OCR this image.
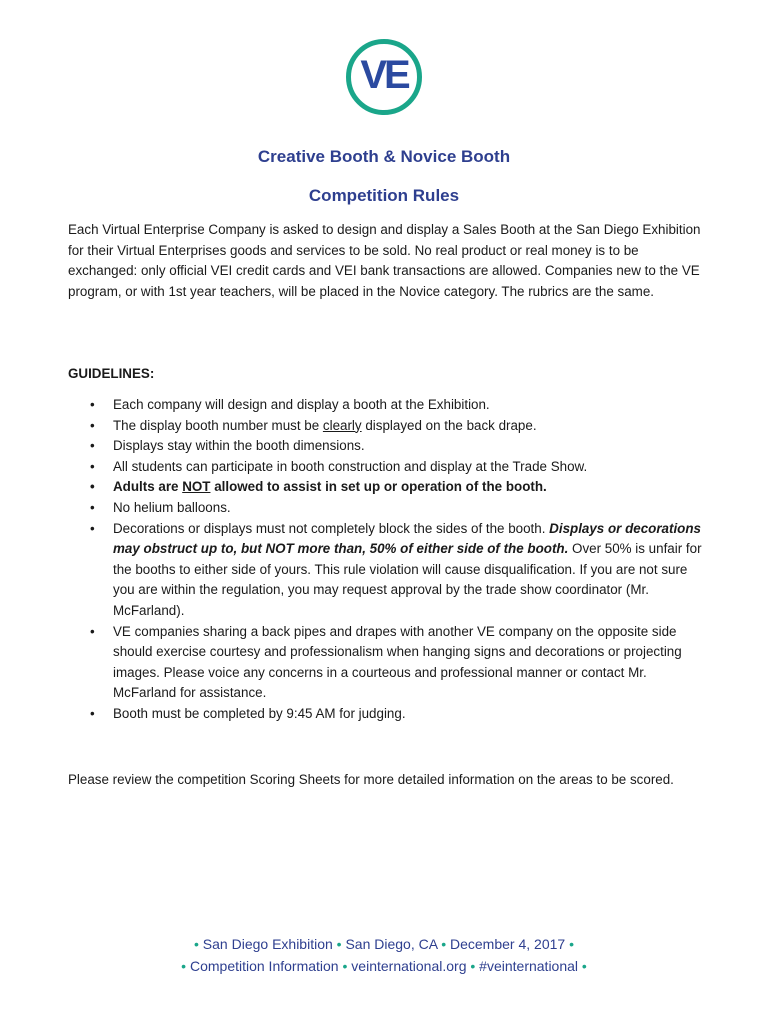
VE
Creative Booth & Novice Booth
Competition Rules
Each Virtual Enterprise Company is asked to design and display a Sales Booth at the San Diego Exhibition for their Virtual Enterprises goods and services to be sold. No real product or real money is to be exchanged: only official VEI credit cards and VEI bank transactions are allowed. Companies new to the VE program, or with 1st year teachers, will be placed in the Novice category. The rubrics are the same.
GUIDELINES:
• Each company will design and display a booth at the Exhibition.
• The display booth number must be clearly displayed on the back drape.
• Displays stay within the booth dimensions.
• All students can participate in booth construction and display at the Trade Show.
• Adults are NOT allowed to assist in set up or operation of the booth.
• No helium balloons.
• Decorations or displays must not completely block the sides of the booth. Displays or decorations may obstruct up to, but NOT more than, 50% of either side of the booth. Over 50% is unfair for the booths to either side of yours. This rule violation will cause disqualification. If you are not sure you are within the regulation, you may request approval by the trade show coordinator (Mr. McFarland).
• VE companies sharing a back pipes and drapes with another VE company on the opposite side should exercise courtesy and professionalism when hanging signs and decorations or projecting images. Please voice any concerns in a courteous and professional manner or contact Mr. McFarland for assistance.
• Booth must be completed by 9:45 AM for judging.
Please review the competition Scoring Sheets for more detailed information on the areas to be scored.
• San Diego Exhibition • San Diego, CA • December 4, 2017 •
• Competition Information • veinternational.org • #veinternational •
